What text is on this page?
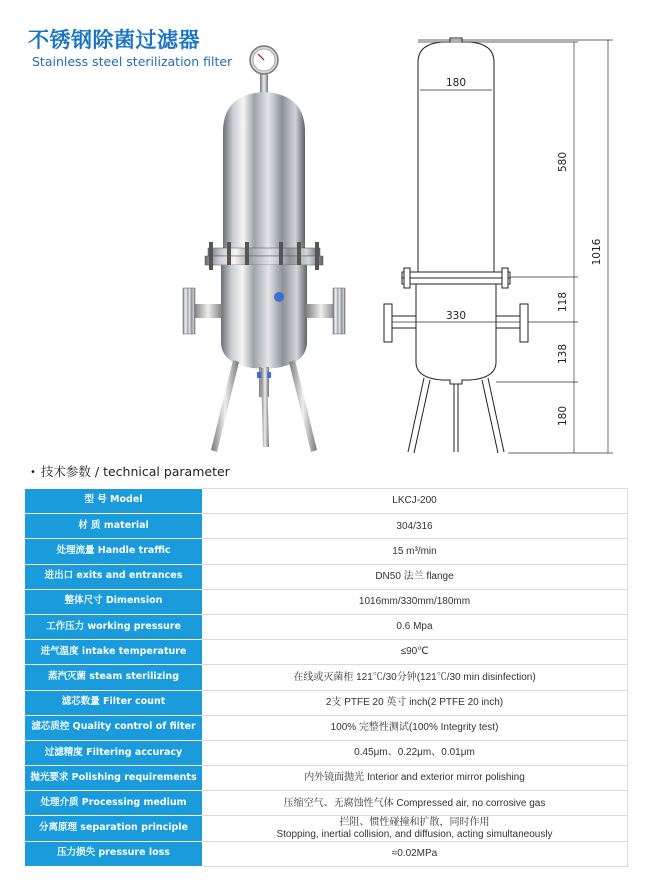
不锈钢除菌过滤器
Stainless steel sterilization filter
180
330
580
118
138
180
1016
• 技术参数 / technical parameter
型 号 Model	LKCJ-200
材 质 material	304/316
处理流量 Handle traffic	15 m³/min
进出口 exits and entrances	DN50 法兰 flange
整体尺寸 Dimension	1016mm/330mm/180mm
工作压力 working pressure	0.6 Mpa
进气温度 intake temperature	≤90℃
蒸汽灭菌 steam sterilizing	在线或灭菌柜 121℃/30分钟(121℃/30 min disinfection)
滤芯数量 Filter count	2支 PTFE 20 英寸 inch(2 PTFE 20 inch)
滤芯质控 Quality control of filter	100% 完整性测试(100% Integrity test)
过滤精度 Filtering accuracy	0.45μm、0.22μm、0.01μm
抛光要求 Polishing requirements	内外镜面抛光 Interior and exterior mirror polishing
处理介质 Processing medium	压缩空气、无腐蚀性气体 Compressed air, no corrosive gas
分离原理 separation principle	拦阻、惯性碰撞和扩散，同时作用
Stopping, inertial collision, and diffusion, acting simultaneously

压力损失 pressure loss	≈0.02MPa
